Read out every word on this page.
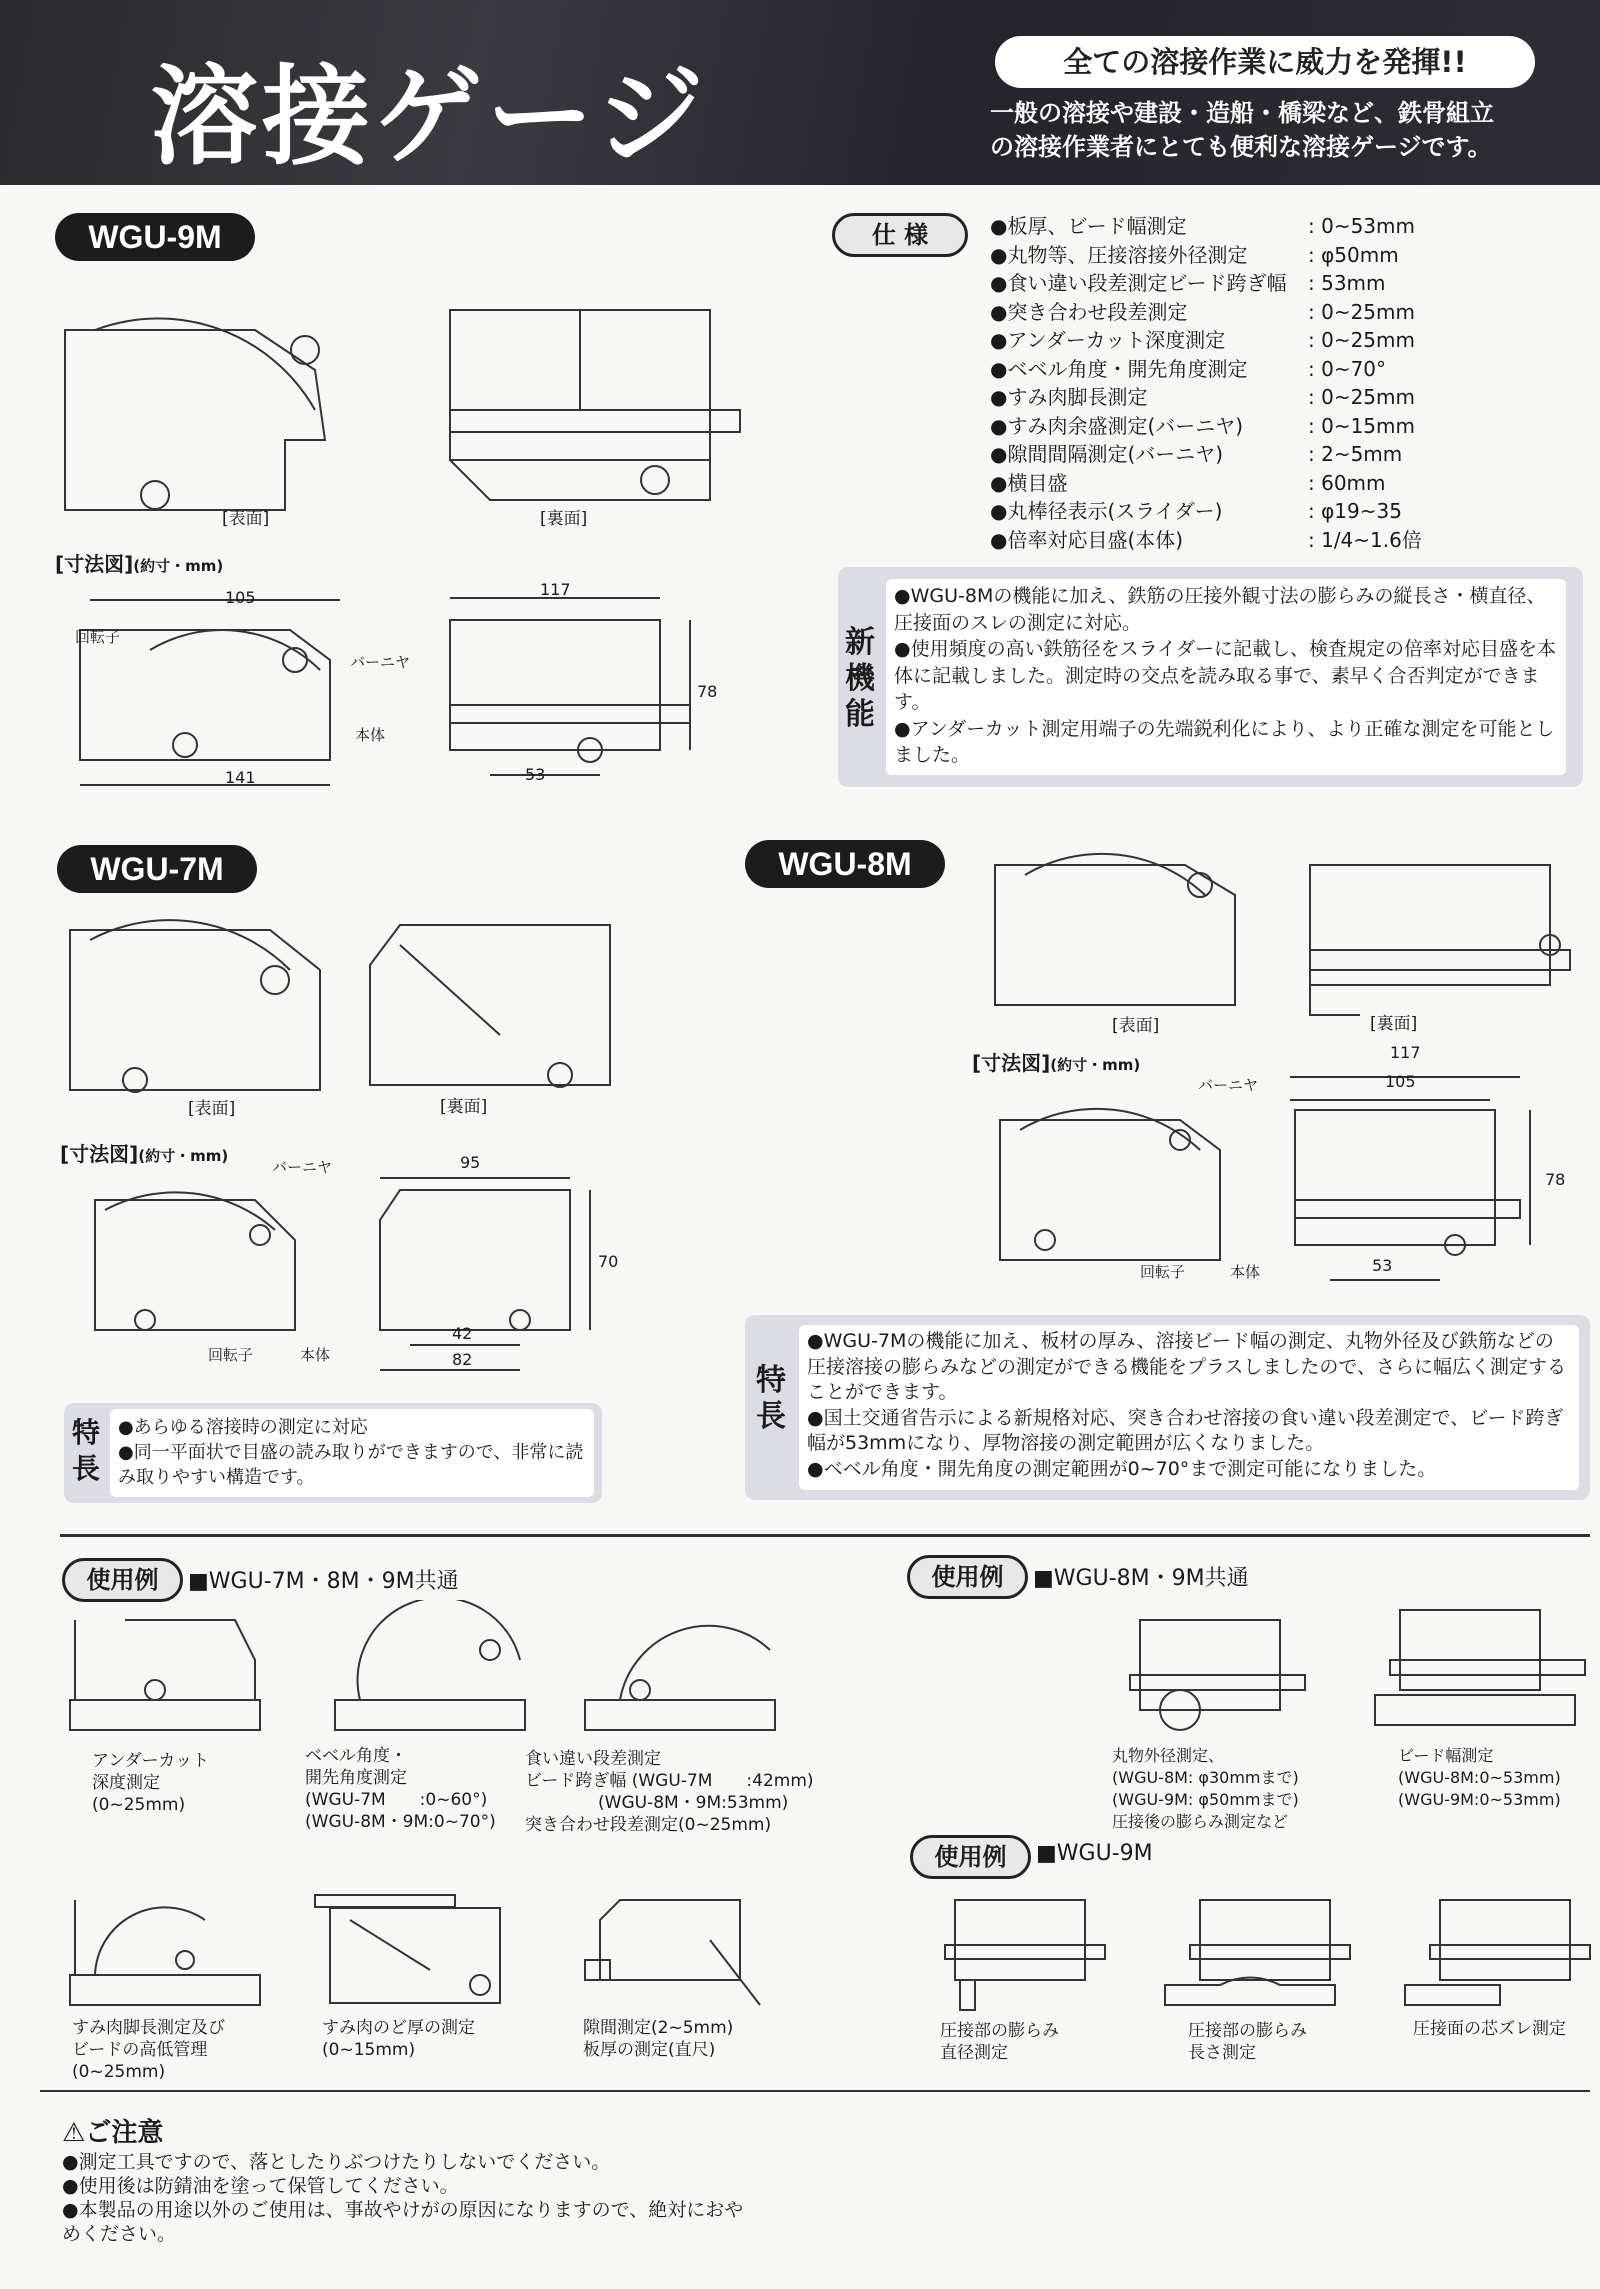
溶接ゲージ	全ての溶接作業に威力を発揮!!
一般の溶接や建設・造船・橋梁など、鉄骨組立
の溶接作業者にとても便利な溶接ゲージです。
WGU-9M
[表面]	[裏面]
[寸法図](約寸・mm)
105
141
回転子
バーニヤ
本体
117
78
53
仕 様	● 板厚、ビード幅測定	: 0~53mm
● 丸物等、圧接溶接外径測定	: φ50mm
● 食い違い段差測定ビード跨ぎ幅	: 53mm
● 突き合わせ段差測定	: 0~25mm
● アンダーカット深度測定	: 0~25mm
● ベベル角度・開先角度測定	: 0~70°
● すみ肉脚長測定	: 0~25mm
● すみ肉余盛測定(バーニヤ)	: 0~15mm
● 隙間間隔測定(バーニヤ)	: 2~5mm
● 横目盛	: 60mm
● 丸棒径表示(スライダー)	: φ19~35
● 倍率対応目盛(本体)	: 1/4~1.6倍
新機能

● WGU-8Mの機能に加え、鉄筋の圧接外観寸法の膨らみの縦長さ・横直径、圧接面のスレの測定に対応。

● 使用頻度の高い鉄筋径をスライダーに記載し、検査規定の倍率対応目盛を本体に記載しました。測定時の交点を読み取る事で、素早く合否判定ができます。

● アンダーカット測定用端子の先端鋭利化により、より正確な測定を可能としました。

WGU-7M
[表面]	[裏面]
[寸法図](約寸・mm)
バーニヤ
回転子	本体
95
70
42
82
特長

● あらゆる溶接時の測定に対応

● 同一平面状で目盛の読み取りができますので、非常に読み取りやすい構造です。

WGU-8M
[表面]	[裏面]
[寸法図](約寸・mm)
バーニヤ
回転子	本体
117
105
78
53
特長

● WGU-7Mの機能に加え、板材の厚み、溶接ビード幅の測定、丸物外径及び鉄筋などの圧接溶接の膨らみなどの測定ができる機能をプラスしましたので、さらに幅広く測定することができます。

● 国土交通省告示による新規格対応、突き合わせ溶接の食い違い段差測定で、ビード跨ぎ幅が53mmになり、厚物溶接の測定範囲が広くなりました。

● ベベル角度・開先角度の測定範囲が0~70°まで測定可能になりました。

使用例	■WGU-7M・8M・9M共通
アンダーカット
深度測定
(0~25mm)
ベベル角度・
開先角度測定
(WGU-7M　　:0~60°)
(WGU-8M・9M:0~70°)
食い違い段差測定
ビード跨ぎ幅 (WGU-7M　　:42mm)
(WGU-8M・9M:53mm)
突き合わせ段差測定(0~25mm)
すみ肉脚長測定及び
ビードの高低管理
(0~25mm)
すみ肉のど厚の測定
(0~15mm)
隙間測定(2~5mm)
板厚の測定(直尺)
使用例	■WGU-8M・9M共通
丸物外径測定、
(WGU-8M: φ30mmまで)
(WGU-9M: φ50mmまで)
圧接後の膨らみ測定など
ビード幅測定
(WGU-8M:0~53mm)
(WGU-9M:0~53mm)
使用例	■WGU-9M
圧接部の膨らみ
直径測定
圧接部の膨らみ
長さ測定
圧接面の芯ズレ測定
⚠ご注意

● 測定工具ですので、落としたりぶつけたりしないでください。

● 使用後は防錆油を塗って保管してください。

● 本製品の用途以外のご使用は、事故やけがの原因になりますので、絶対におやめください。
